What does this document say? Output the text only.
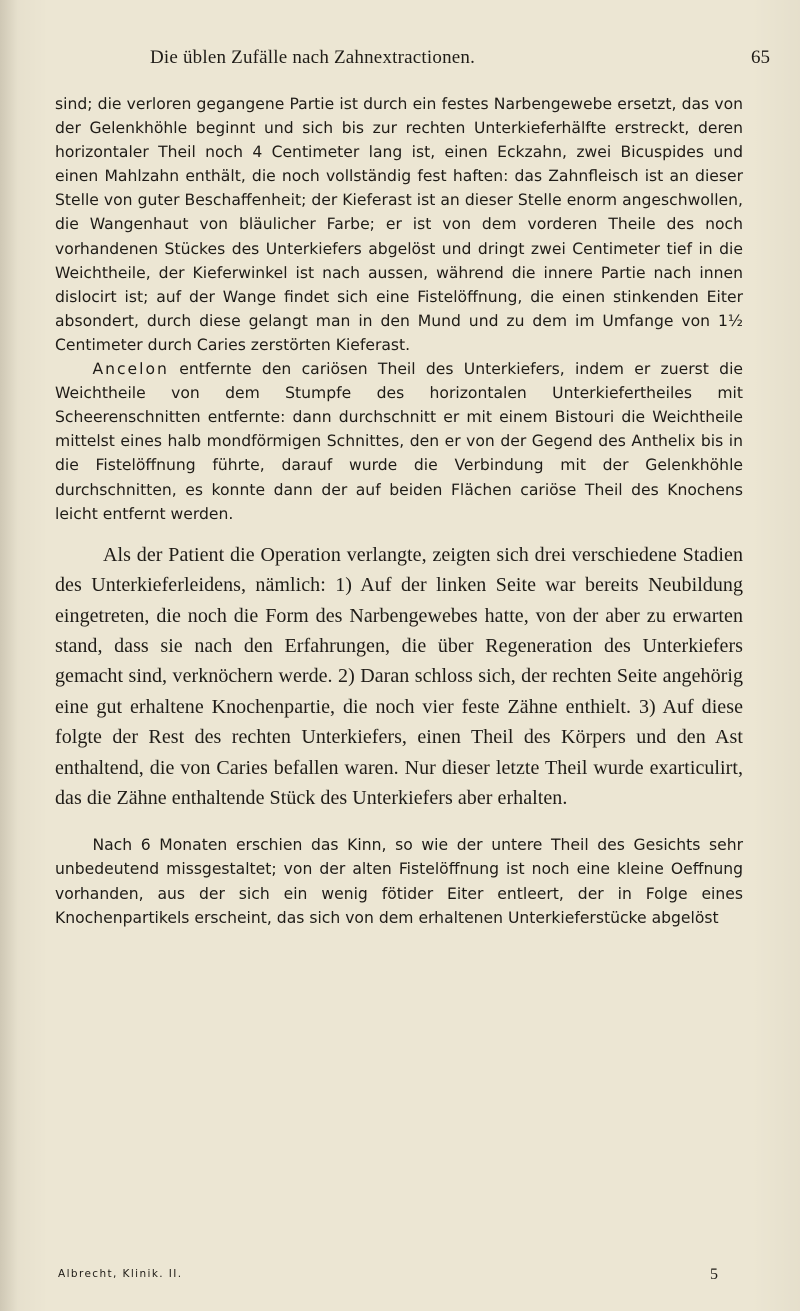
Die üblen Zufälle nach Zahnextractionen.	65

sind; die verloren gegangene Partie ist durch ein festes Narbengewebe ersetzt, das von der Gelenkhöhle beginnt und sich bis zur rechten Unterkieferhälfte erstreckt, deren horizontaler Theil noch 4 Centimeter lang ist, einen Eckzahn, zwei Bicuspides und einen Mahlzahn enthält, die noch vollständig fest haften: das Zahnfleisch ist an dieser Stelle von guter Beschaffenheit; der Kieferast ist an dieser Stelle enorm angeschwollen, die Wangenhaut von bläulicher Farbe; er ist von dem vorderen Theile des noch vorhandenen Stückes des Unterkiefers abgelöst und dringt zwei Centimeter tief in die Weichtheile, der Kieferwinkel ist nach aussen, während die innere Partie nach innen dislocirt ist; auf der Wange findet sich eine Fistelöffnung, die einen stinkenden Eiter absondert, durch diese gelangt man in den Mund und zu dem im Umfange von 1½ Centimeter durch Caries zerstörten Kieferast.

Ancelon entfernte den cariösen Theil des Unterkiefers, indem er zuerst die Weichtheile von dem Stumpfe des horizontalen Unterkiefertheiles mit Scheerenschnitten entfernte: dann durchschnitt er mit einem Bistouri die Weichtheile mittelst eines halb mondförmigen Schnittes, den er von der Gegend des Anthelix bis in die Fistelöffnung führte, darauf wurde die Verbindung mit der Gelenkhöhle durchschnitten, es konnte dann der auf beiden Flächen cariöse Theil des Knochens leicht entfernt werden.

Als der Patient die Operation verlangte, zeigten sich drei verschiedene Stadien des Unterkieferleidens, nämlich: 1) Auf der linken Seite war bereits Neubildung eingetreten, die noch die Form des Narbengewebes hatte, von der aber zu erwarten stand, dass sie nach den Erfahrungen, die über Regeneration des Unterkiefers gemacht sind, verknöchern werde. 2) Daran schloss sich, der rechten Seite angehörig eine gut erhaltene Knochenpartie, die noch vier feste Zähne enthielt. 3) Auf diese folgte der Rest des rechten Unterkiefers, einen Theil des Körpers und den Ast enthaltend, die von Caries befallen waren. Nur dieser letzte Theil wurde exarticulirt, das die Zähne enthaltende Stück des Unterkiefers aber erhalten.

Nach 6 Monaten erschien das Kinn, so wie der untere Theil des Gesichts sehr unbedeutend missgestaltet; von der alten Fistelöffnung ist noch eine kleine Oeffnung vorhanden, aus der sich ein wenig fötider Eiter entleert, der in Folge eines Knochenpartikels erscheint, das sich von dem erhaltenen Unterkieferstücke abgelöst

Albrecht, Klinik. II.	5
